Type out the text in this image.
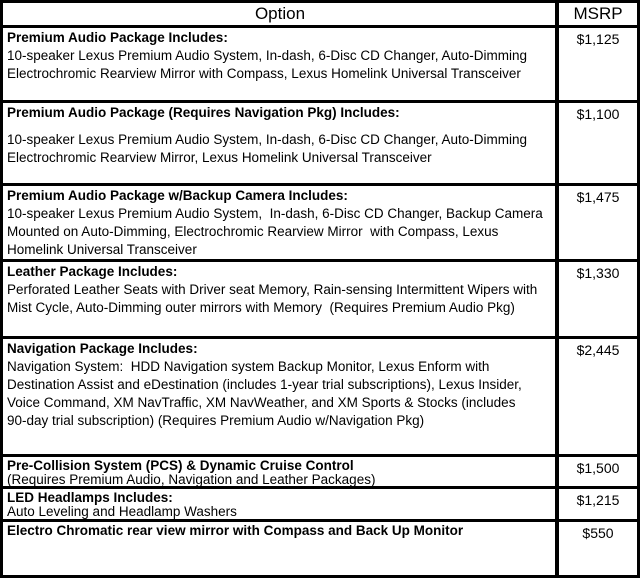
Option	MSRP
Premium Audio Package Includes:
10-speaker Lexus Premium Audio System, In-dash, 6-Disc CD Changer, Auto-Dimming
Electrochromic Rearview Mirror with Compass, Lexus Homelink Universal Transceiver
$1,125
Premium Audio Package (Requires Navigation Pkg) Includes:
10-speaker Lexus Premium Audio System, In-dash, 6-Disc CD Changer, Auto-Dimming
Electrochromic Rearview Mirror, Lexus Homelink Universal Transceiver
$1,100
Premium Audio Package w/Backup Camera Includes:
10-speaker Lexus Premium Audio System,  In-dash, 6-Disc CD Changer, Backup Camera
Mounted on Auto-Dimming, Electrochromic Rearview Mirror  with Compass, Lexus
Homelink Universal Transceiver
$1,475
Leather Package Includes:
Perforated Leather Seats with Driver seat Memory, Rain-sensing Intermittent Wipers with
Mist Cycle, Auto-Dimming outer mirrors with Memory  (Requires Premium Audio Pkg)
$1,330
Navigation Package Includes:
Navigation System:  HDD Navigation system Backup Monitor, Lexus Enform with
Destination Assist and eDestination (includes 1-year trial subscriptions), Lexus Insider,
Voice Command, XM NavTraffic, XM NavWeather, and XM Sports & Stocks (includes
90-day trial subscription) (Requires Premium Audio w/Navigation Pkg)
$2,445
Pre-Collision System (PCS) & Dynamic Cruise Control
(Requires Premium Audio, Navigation and Leather Packages)
$1,500
LED Headlamps Includes:
Auto Leveling and Headlamp Washers
$1,215
Electro Chromatic rear view mirror with Compass and Back Up Monitor	$550
